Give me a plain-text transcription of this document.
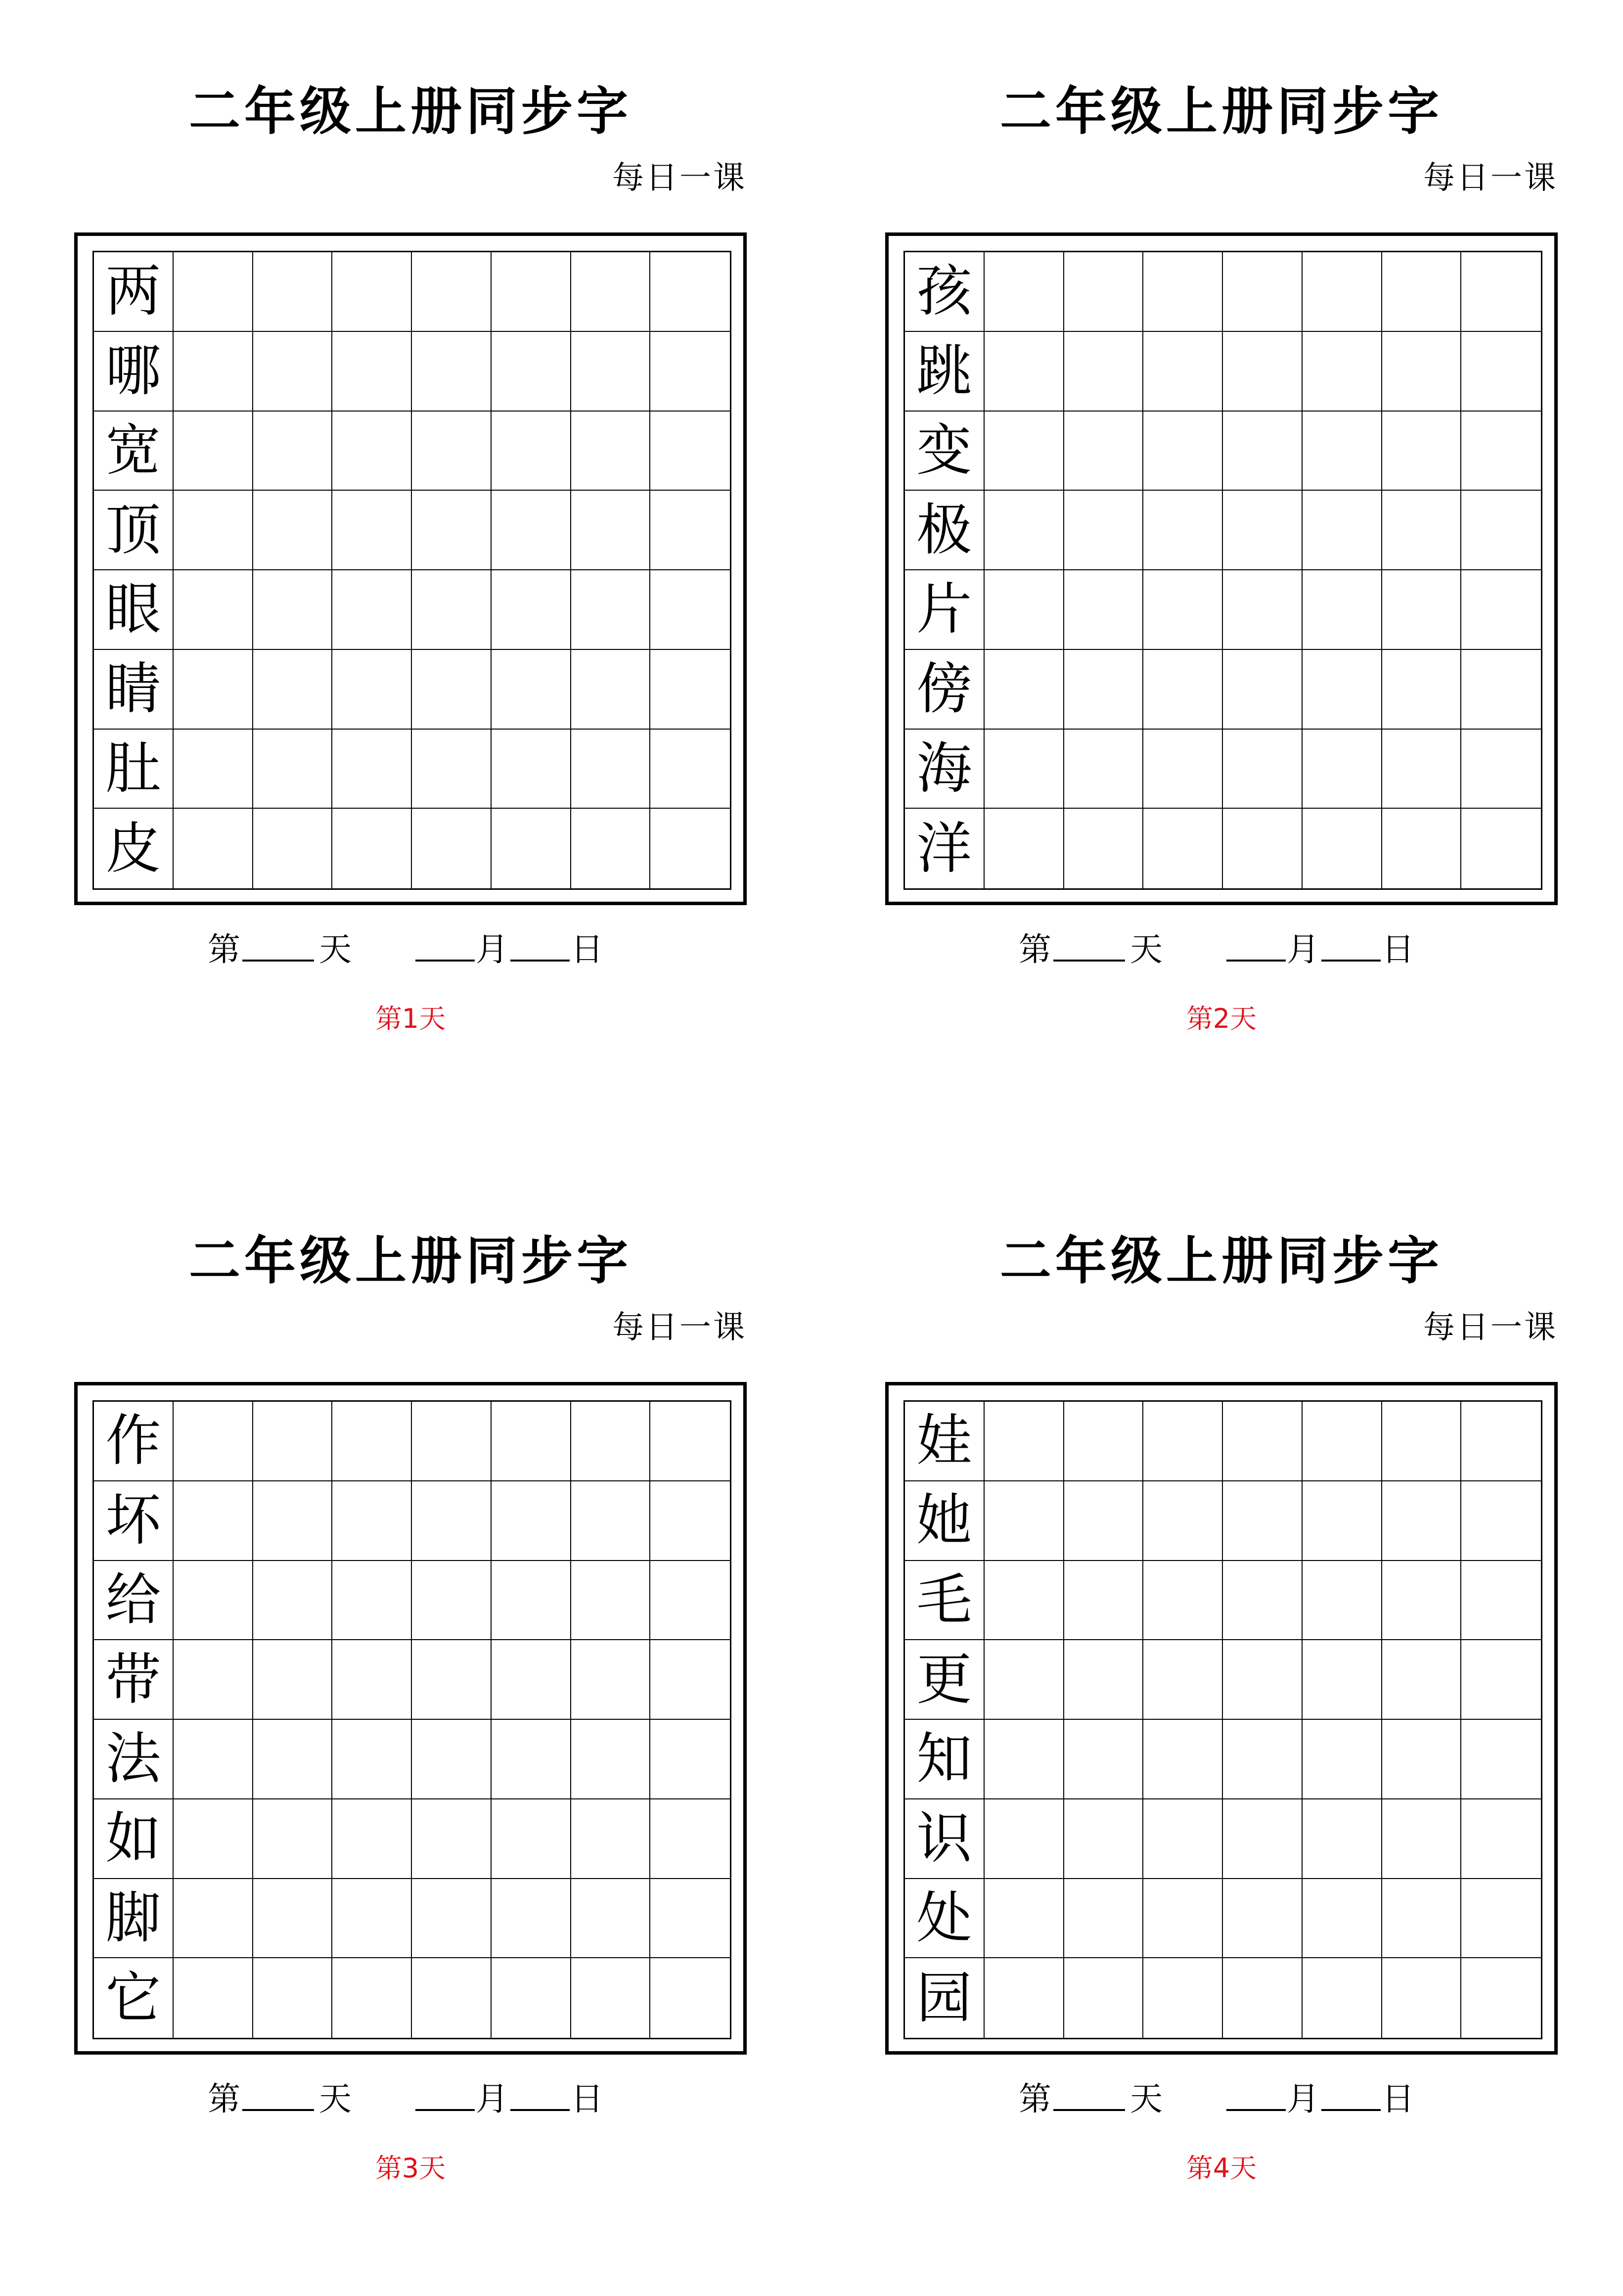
二年级上册同步字
每日一课
两
哪
宽
顶
眼
睛
肚
皮
第 天	月 日
第1天
二年级上册同步字
每日一课
孩
跳
变
极
片
傍
海
洋
第 天	月 日
第2天
二年级上册同步字
每日一课
作
坏
给
带
法
如
脚
它
第 天	月 日
第3天
二年级上册同步字
每日一课
娃
她
毛
更
知
识
处
园
第 天	月 日
第4天
